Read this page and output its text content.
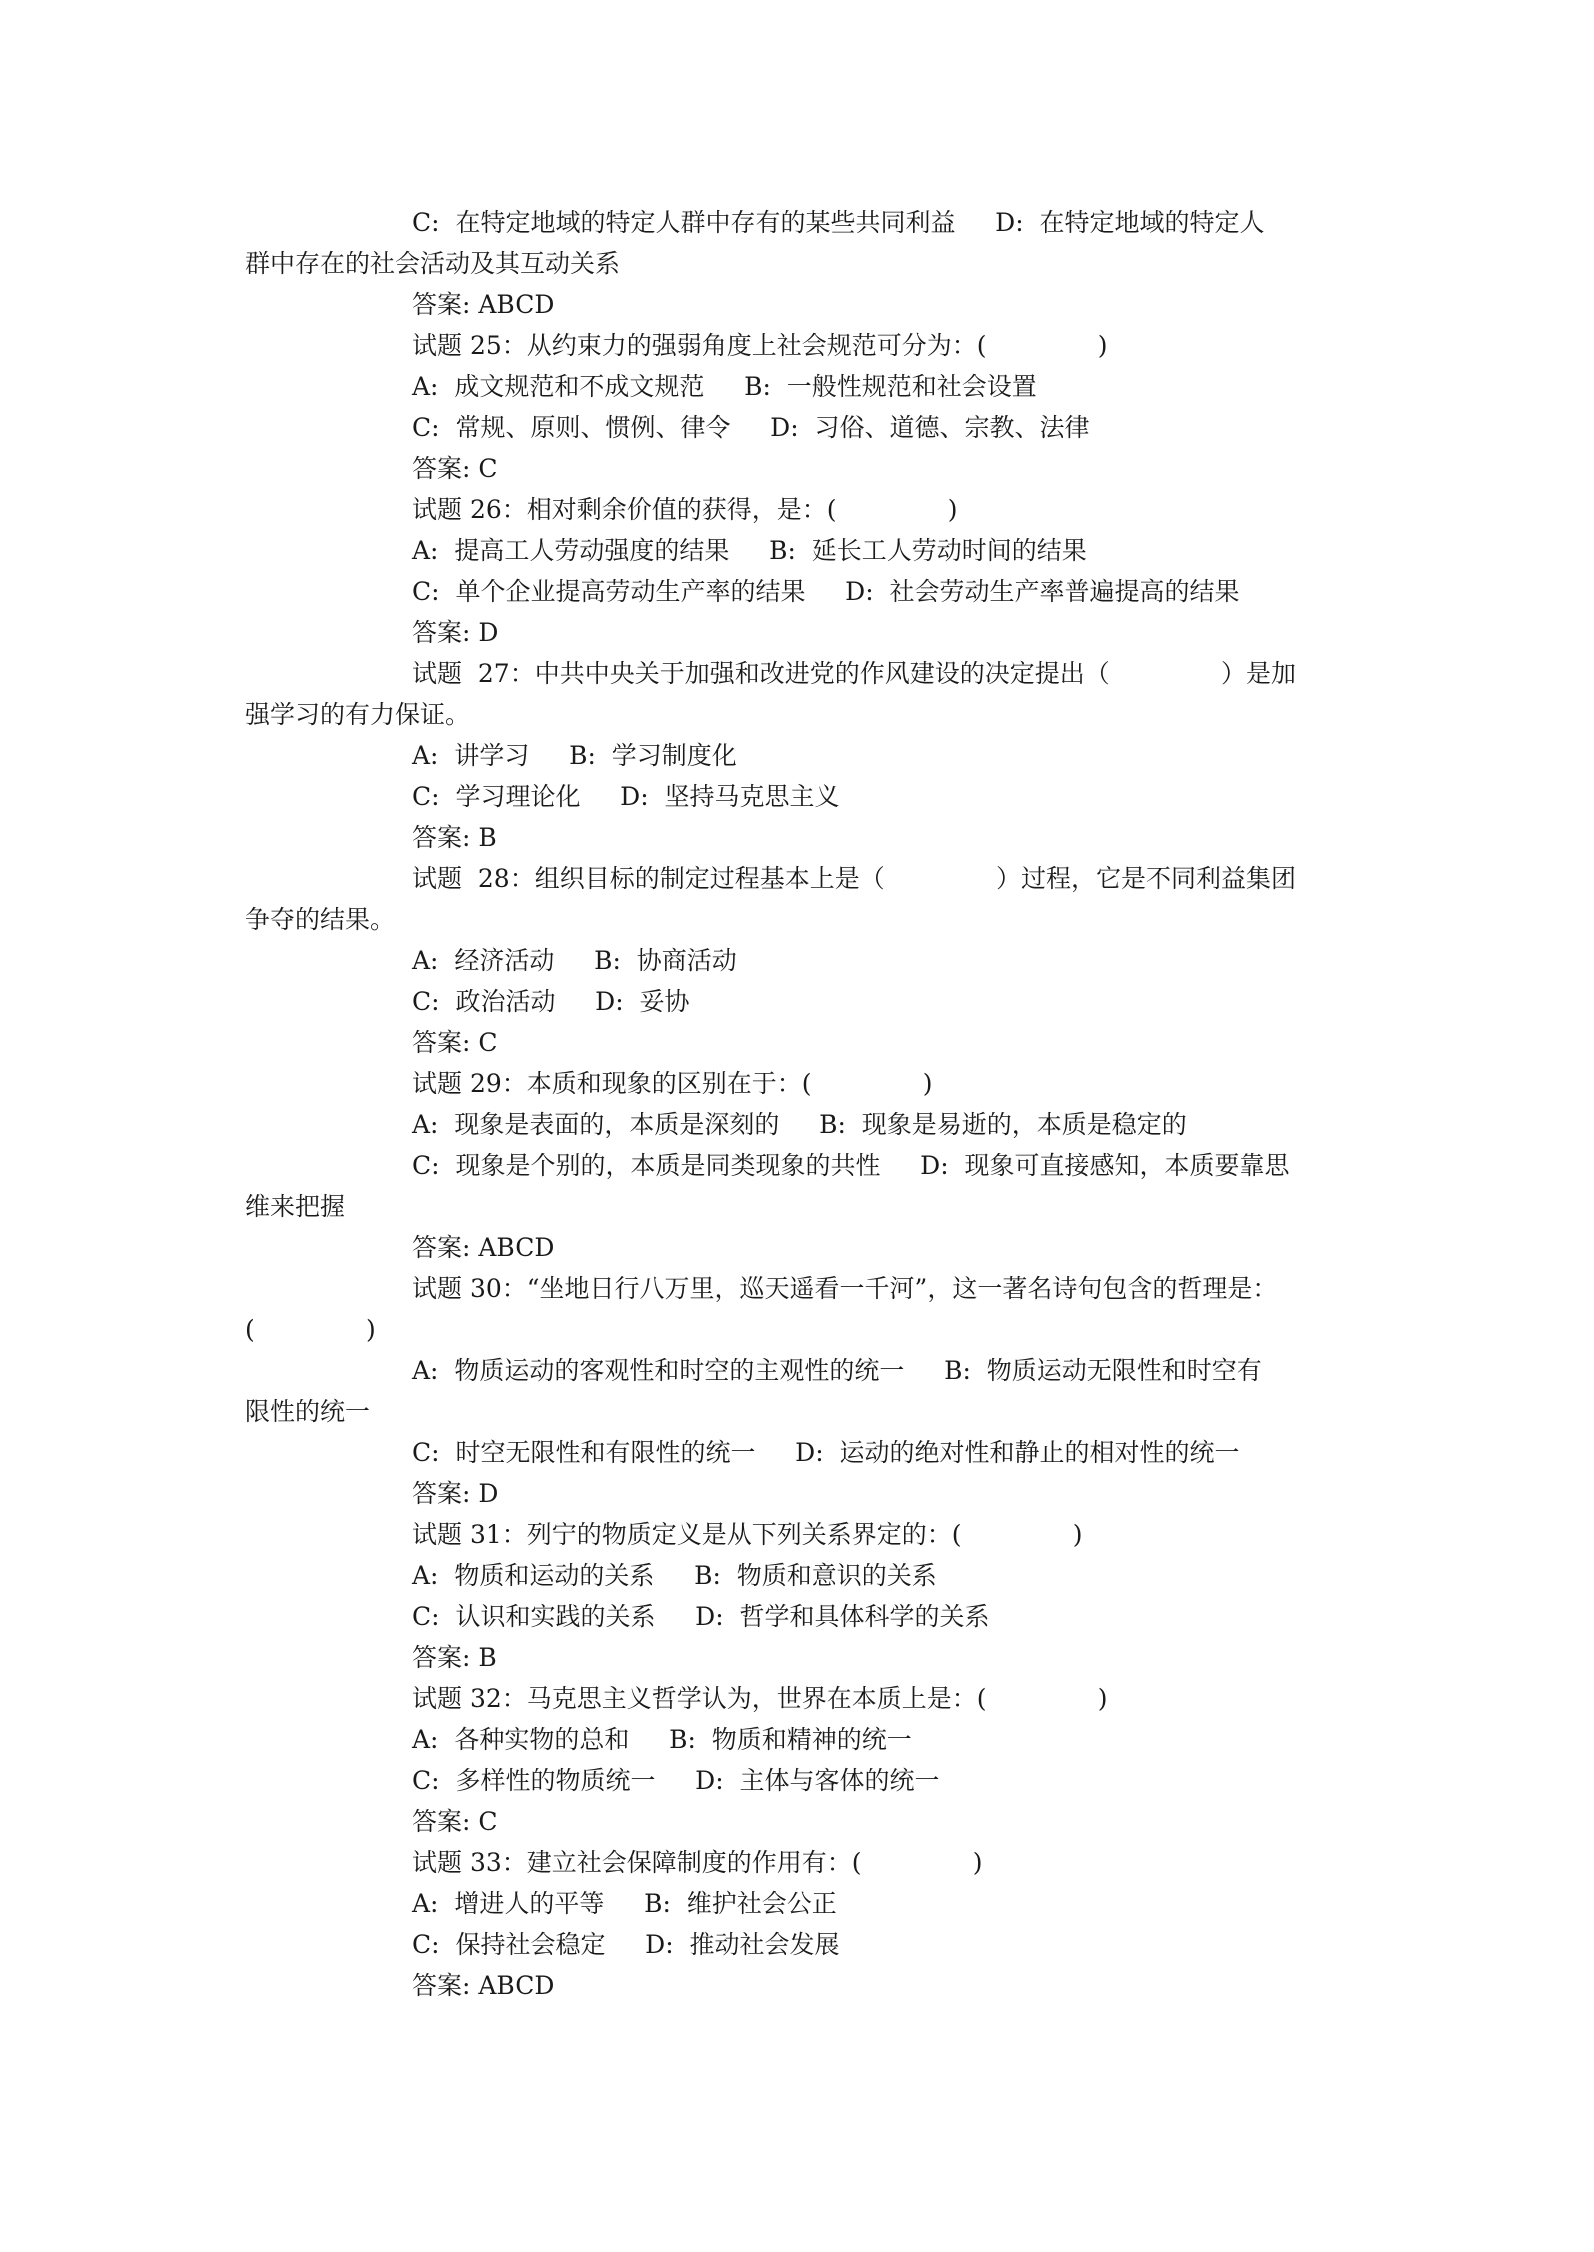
C:  在特定地域的特定人群中存有的某些共同利益     D:  在特定地域的特定人
群中存在的社会活动及其互动关系
答案: ABCD
试题 25：从约束力的强弱角度上社会规范可分为：(              )
A:  成文规范和不成文规范     B:  一般性规范和社会设置
C:  常规、原则、惯例、律令     D:  习俗、道德、宗教、法律
答案: C
试题 26：相对剩余价值的获得，是：(              )
A:  提高工人劳动强度的结果     B:  延长工人劳动时间的结果
C:  单个企业提高劳动生产率的结果     D:  社会劳动生产率普遍提高的结果
答案: D
试题  27：中共中央关于加强和改进党的作风建设的决定提出（              ）是加
强学习的有力保证。
A:  讲学习     B:  学习制度化
C:  学习理论化     D:  坚持马克思主义
答案: B
试题  28：组织目标的制定过程基本上是（              ）过程，它是不同利益集团
争夺的结果。
A:  经济活动     B:  协商活动
C:  政治活动     D:  妥协
答案: C
试题 29：本质和现象的区别在于：(              )
A:  现象是表面的，本质是深刻的     B:  现象是易逝的，本质是稳定的
C:  现象是个别的，本质是同类现象的共性     D:  现象可直接感知，本质要靠思
维来把握
答案: ABCD
试题 30：“坐地日行八万里，巡天遥看一千河”，这一著名诗句包含的哲理是：
(              )
A:  物质运动的客观性和时空的主观性的统一     B:  物质运动无限性和时空有
限性的统一
C:  时空无限性和有限性的统一     D:  运动的绝对性和静止的相对性的统一
答案: D
试题 31：列宁的物质定义是从下列关系界定的：(              )
A:  物质和运动的关系     B:  物质和意识的关系
C:  认识和实践的关系     D:  哲学和具体科学的关系
答案: B
试题 32：马克思主义哲学认为，世界在本质上是：(              )
A:  各种实物的总和     B:  物质和精神的统一
C:  多样性的物质统一     D:  主体与客体的统一
答案: C
试题 33：建立社会保障制度的作用有：(              )
A:  增进人的平等     B:  维护社会公正
C:  保持社会稳定     D:  推动社会发展
答案: ABCD
